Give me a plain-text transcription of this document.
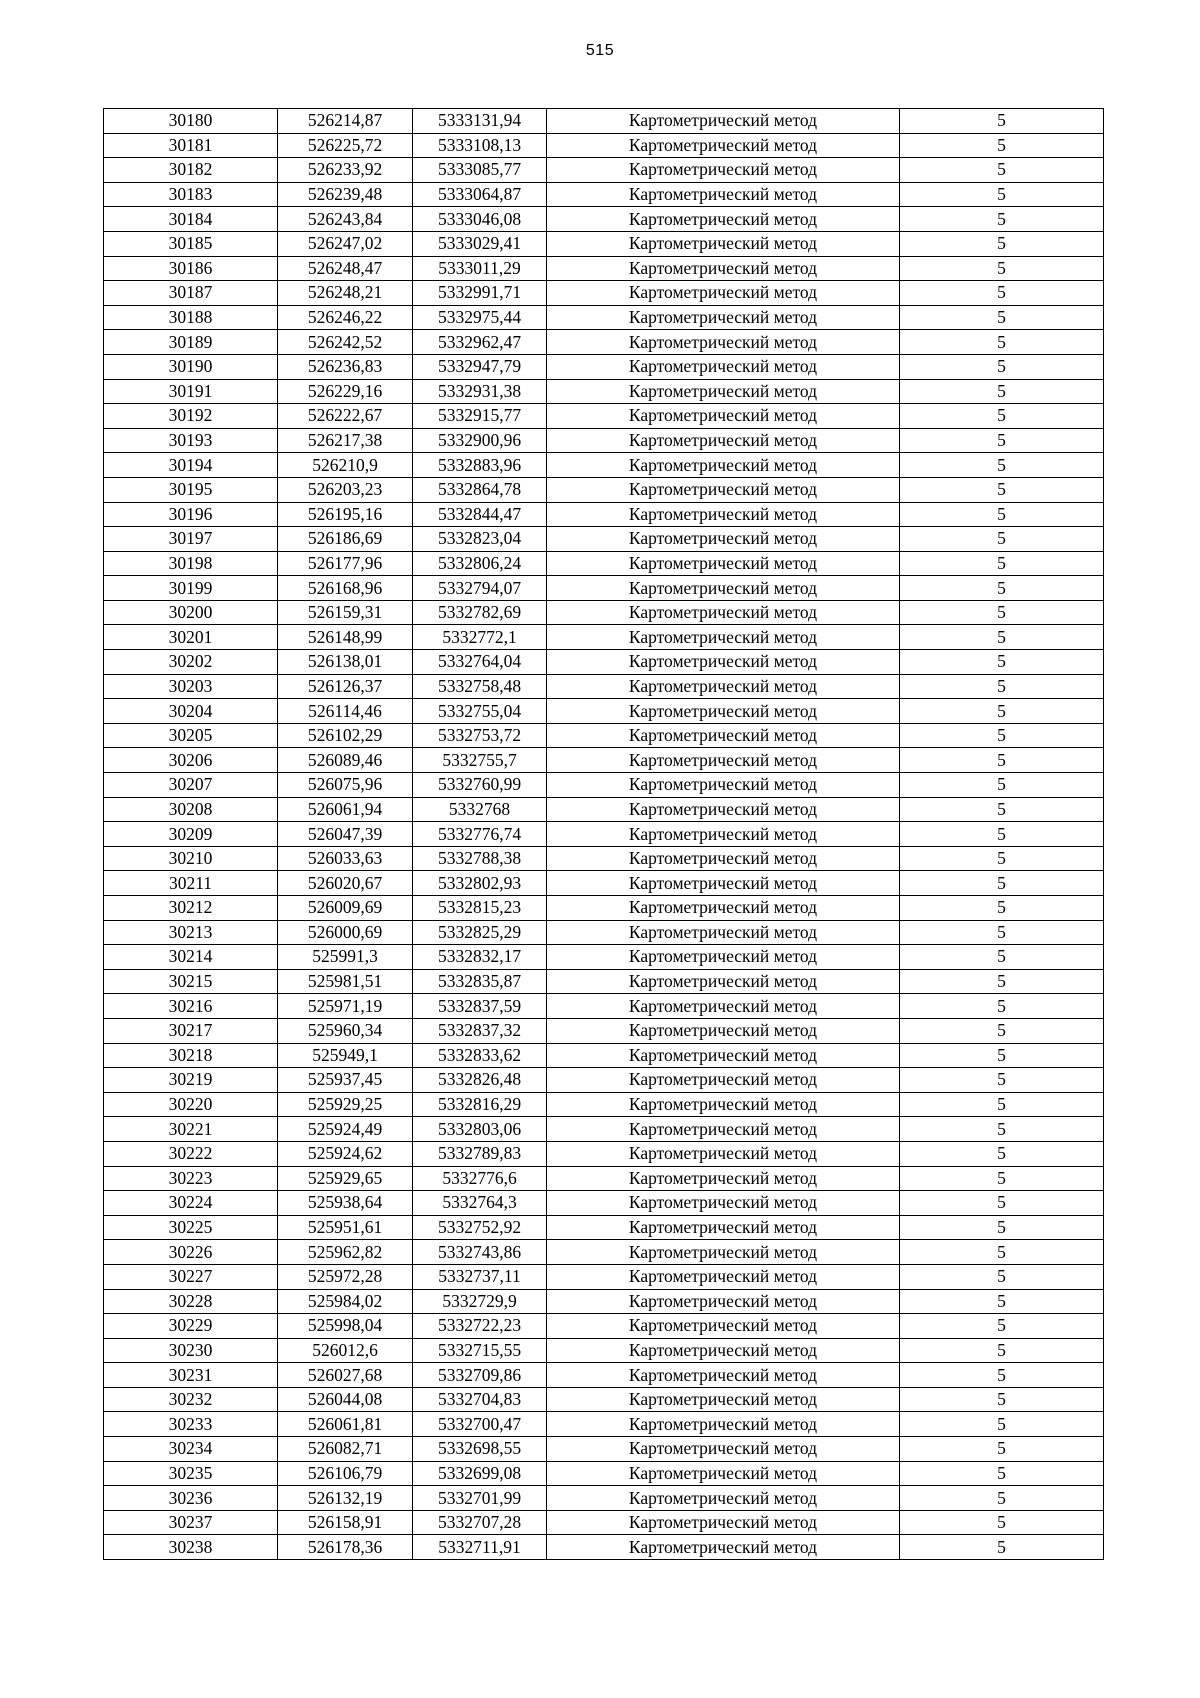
515
30180	526214,87	5333131,94	Картометрический метод	5
30181	526225,72	5333108,13	Картометрический метод	5
30182	526233,92	5333085,77	Картометрический метод	5
30183	526239,48	5333064,87	Картометрический метод	5
30184	526243,84	5333046,08	Картометрический метод	5
30185	526247,02	5333029,41	Картометрический метод	5
30186	526248,47	5333011,29	Картометрический метод	5
30187	526248,21	5332991,71	Картометрический метод	5
30188	526246,22	5332975,44	Картометрический метод	5
30189	526242,52	5332962,47	Картометрический метод	5
30190	526236,83	5332947,79	Картометрический метод	5
30191	526229,16	5332931,38	Картометрический метод	5
30192	526222,67	5332915,77	Картометрический метод	5
30193	526217,38	5332900,96	Картометрический метод	5
30194	526210,9	5332883,96	Картометрический метод	5
30195	526203,23	5332864,78	Картометрический метод	5
30196	526195,16	5332844,47	Картометрический метод	5
30197	526186,69	5332823,04	Картометрический метод	5
30198	526177,96	5332806,24	Картометрический метод	5
30199	526168,96	5332794,07	Картометрический метод	5
30200	526159,31	5332782,69	Картометрический метод	5
30201	526148,99	5332772,1	Картометрический метод	5
30202	526138,01	5332764,04	Картометрический метод	5
30203	526126,37	5332758,48	Картометрический метод	5
30204	526114,46	5332755,04	Картометрический метод	5
30205	526102,29	5332753,72	Картометрический метод	5
30206	526089,46	5332755,7	Картометрический метод	5
30207	526075,96	5332760,99	Картометрический метод	5
30208	526061,94	5332768	Картометрический метод	5
30209	526047,39	5332776,74	Картометрический метод	5
30210	526033,63	5332788,38	Картометрический метод	5
30211	526020,67	5332802,93	Картометрический метод	5
30212	526009,69	5332815,23	Картометрический метод	5
30213	526000,69	5332825,29	Картометрический метод	5
30214	525991,3	5332832,17	Картометрический метод	5
30215	525981,51	5332835,87	Картометрический метод	5
30216	525971,19	5332837,59	Картометрический метод	5
30217	525960,34	5332837,32	Картометрический метод	5
30218	525949,1	5332833,62	Картометрический метод	5
30219	525937,45	5332826,48	Картометрический метод	5
30220	525929,25	5332816,29	Картометрический метод	5
30221	525924,49	5332803,06	Картометрический метод	5
30222	525924,62	5332789,83	Картометрический метод	5
30223	525929,65	5332776,6	Картометрический метод	5
30224	525938,64	5332764,3	Картометрический метод	5
30225	525951,61	5332752,92	Картометрический метод	5
30226	525962,82	5332743,86	Картометрический метод	5
30227	525972,28	5332737,11	Картометрический метод	5
30228	525984,02	5332729,9	Картометрический метод	5
30229	525998,04	5332722,23	Картометрический метод	5
30230	526012,6	5332715,55	Картометрический метод	5
30231	526027,68	5332709,86	Картометрический метод	5
30232	526044,08	5332704,83	Картометрический метод	5
30233	526061,81	5332700,47	Картометрический метод	5
30234	526082,71	5332698,55	Картометрический метод	5
30235	526106,79	5332699,08	Картометрический метод	5
30236	526132,19	5332701,99	Картометрический метод	5
30237	526158,91	5332707,28	Картометрический метод	5
30238	526178,36	5332711,91	Картометрический метод	5
